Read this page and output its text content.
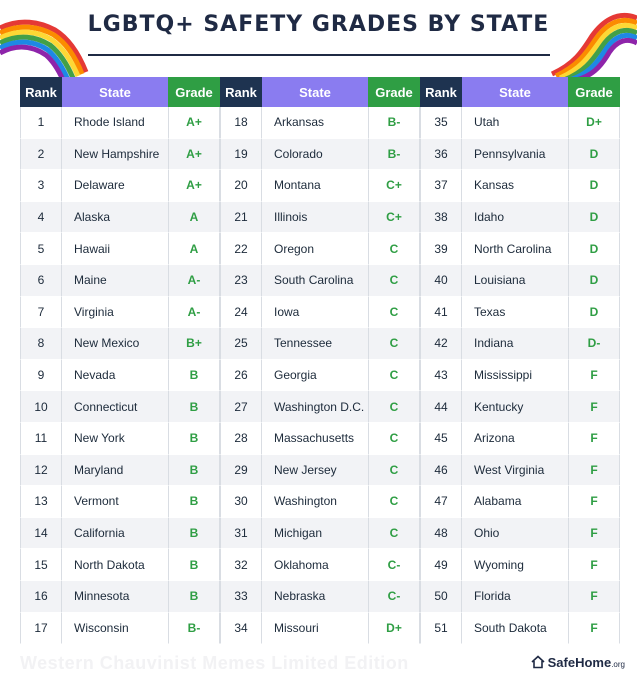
LGBTQ+ SAFETY GRADES BY STATE
Rank	State	Grade Rank	State	Grade Rank	State	Grade
1	Rhode Island	A+	18	Arkansas	B-	35	Utah	D+
2	New Hampshire	A+	19	Colorado	B-	36	Pennsylvania	D
3	Delaware	A+	20	Montana	C+	37	Kansas	D
4	Alaska	A	21	Illinois	C+	38	Idaho	D
5	Hawaii	A	22	Oregon	C	39	North Carolina	D
6	Maine	A-	23	South Carolina	C	40	Louisiana	D
7	Virginia	A-	24	Iowa	C	41	Texas	D
8	New Mexico	B+	25	Tennessee	C	42	Indiana	D-
9	Nevada	B	26	Georgia	C	43	Mississippi	F
10	Connecticut	B	27	Washington D.C.	C	44	Kentucky	F
11	New York	B	28	Massachusetts	C	45	Arizona	F
12	Maryland	B	29	New Jersey	C	46	West Virginia	F
13	Vermont	B	30	Washington	C	47	Alabama	F
14	California	B	31	Michigan	C	48	Ohio	F
15	North Dakota	B	32	Oklahoma	C-	49	Wyoming	F
16	Minnesota	B	33	Nebraska	C-	50	Florida	F
17	Wisconsin	B-	34	Missouri	D+	51	South Dakota	F
Western Chauvinist Memes Limited Edition	SafeHome .org
